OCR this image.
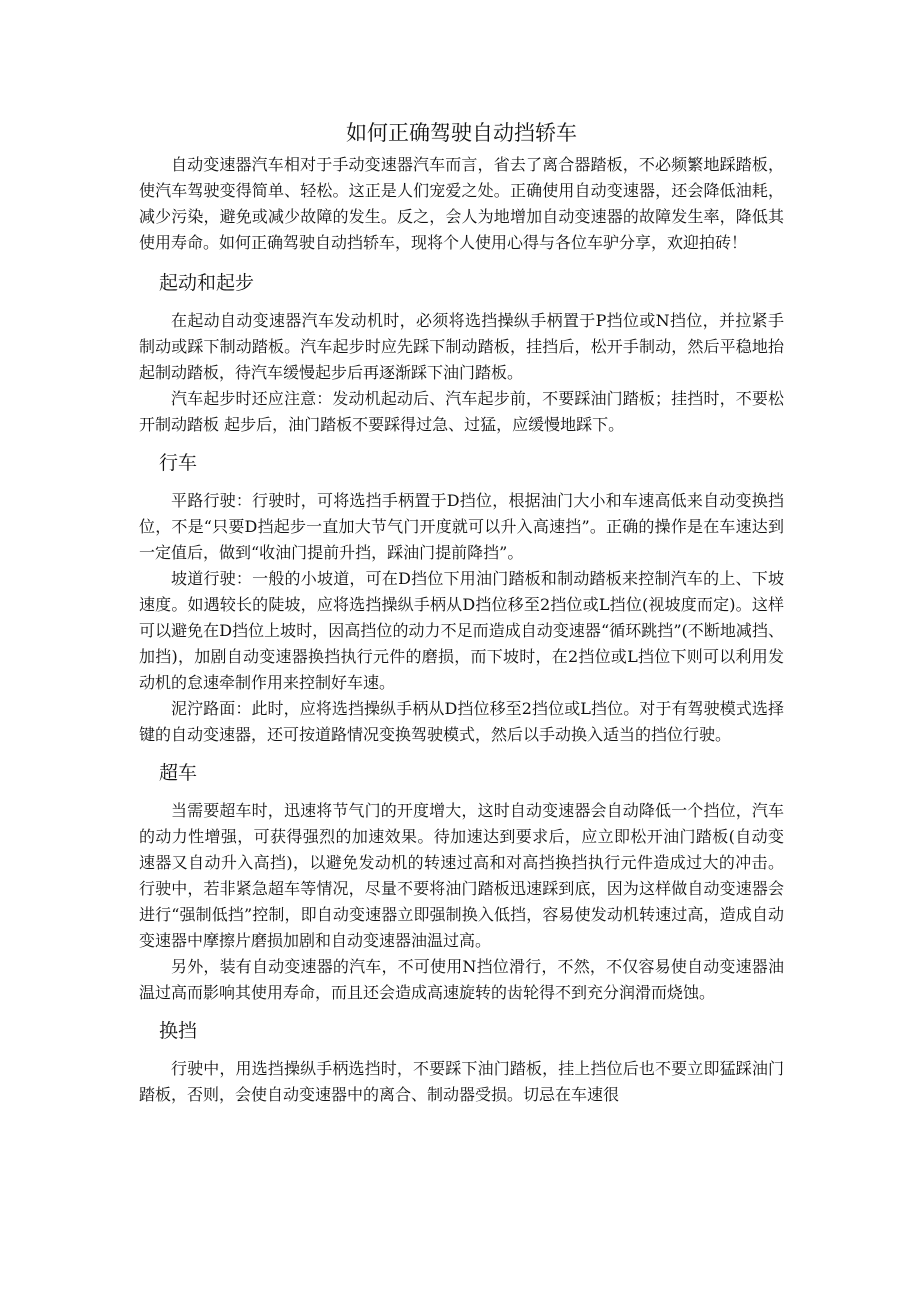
如何正确驾驶自动挡轿车

自动变速器汽车相对于手动变速器汽车而言，省去了离合器踏板，不必频繁地踩踏板，使汽车驾驶变得简单、轻松。这正是人们宠爱之处。正确使用自动变速器，还会降低油耗，减少污染，避免或减少故障的发生。反之，会人为地增加自动变速器的故障发生率，降低其使用寿命。如何正确驾驶自动挡轿车，现将个人使用心得与各位车驴分享，欢迎拍砖！

起动和起步

在起动自动变速器汽车发动机时，必须将选挡操纵手柄置于P挡位或N挡位，并拉紧手制动或踩下制动踏板。汽车起步时应先踩下制动踏板，挂挡后，松开手制动，然后平稳地抬起制动踏板，待汽车缓慢起步后再逐渐踩下油门踏板。

汽车起步时还应注意：发动机起动后、汽车起步前，不要踩油门踏板；挂挡时，不要松开制动踏板 起步后，油门踏板不要踩得过急、过猛，应缓慢地踩下。

行车

平路行驶：行驶时，可将选挡手柄置于D挡位，根据油门大小和车速高低来自动变换挡位，不是“只要D挡起步一直加大节气门开度就可以升入高速挡”。正确的操作是在车速达到一定值后，做到“收油门提前升挡，踩油门提前降挡”。

坡道行驶：一般的小坡道，可在D挡位下用油门踏板和制动踏板来控制汽车的上、下坡速度。如遇较长的陡坡，应将选挡操纵手柄从D挡位移至2挡位或L挡位(视坡度而定)。这样可以避免在D挡位上坡时，因高挡位的动力不足而造成自动变速器“循环跳挡”(不断地减挡、加挡)，加剧自动变速器换挡执行元件的磨损，而下坡时，在2挡位或L挡位下则可以利用发动机的怠速牵制作用来控制好车速。

泥泞路面：此时，应将选挡操纵手柄从D挡位移至2挡位或L挡位。对于有驾驶模式选择键的自动变速器，还可按道路情况变换驾驶模式，然后以手动换入适当的挡位行驶。

超车

当需要超车时，迅速将节气门的开度增大，这时自动变速器会自动降低一个挡位，汽车的动力性增强，可获得强烈的加速效果。待加速达到要求后，应立即松开油门踏板(自动变速器又自动升入高挡)，以避免发动机的转速过高和对高挡换挡执行元件造成过大的冲击。行驶中，若非紧急超车等情况，尽量不要将油门踏板迅速踩到底，因为这样做自动变速器会进行“强制低挡”控制，即自动变速器立即强制换入低挡，容易使发动机转速过高，造成自动变速器中摩擦片磨损加剧和自动变速器油温过高。

另外，装有自动变速器的汽车，不可使用N挡位滑行，不然，不仅容易使自动变速器油温过高而影响其使用寿命，而且还会造成高速旋转的齿轮得不到充分润滑而烧蚀。

换挡

行驶中，用选挡操纵手柄选挡时，不要踩下油门踏板，挂上挡位后也不要立即猛踩油门踏板，否则，会使自动变速器中的离合、制动器受损。切忌在车速很
